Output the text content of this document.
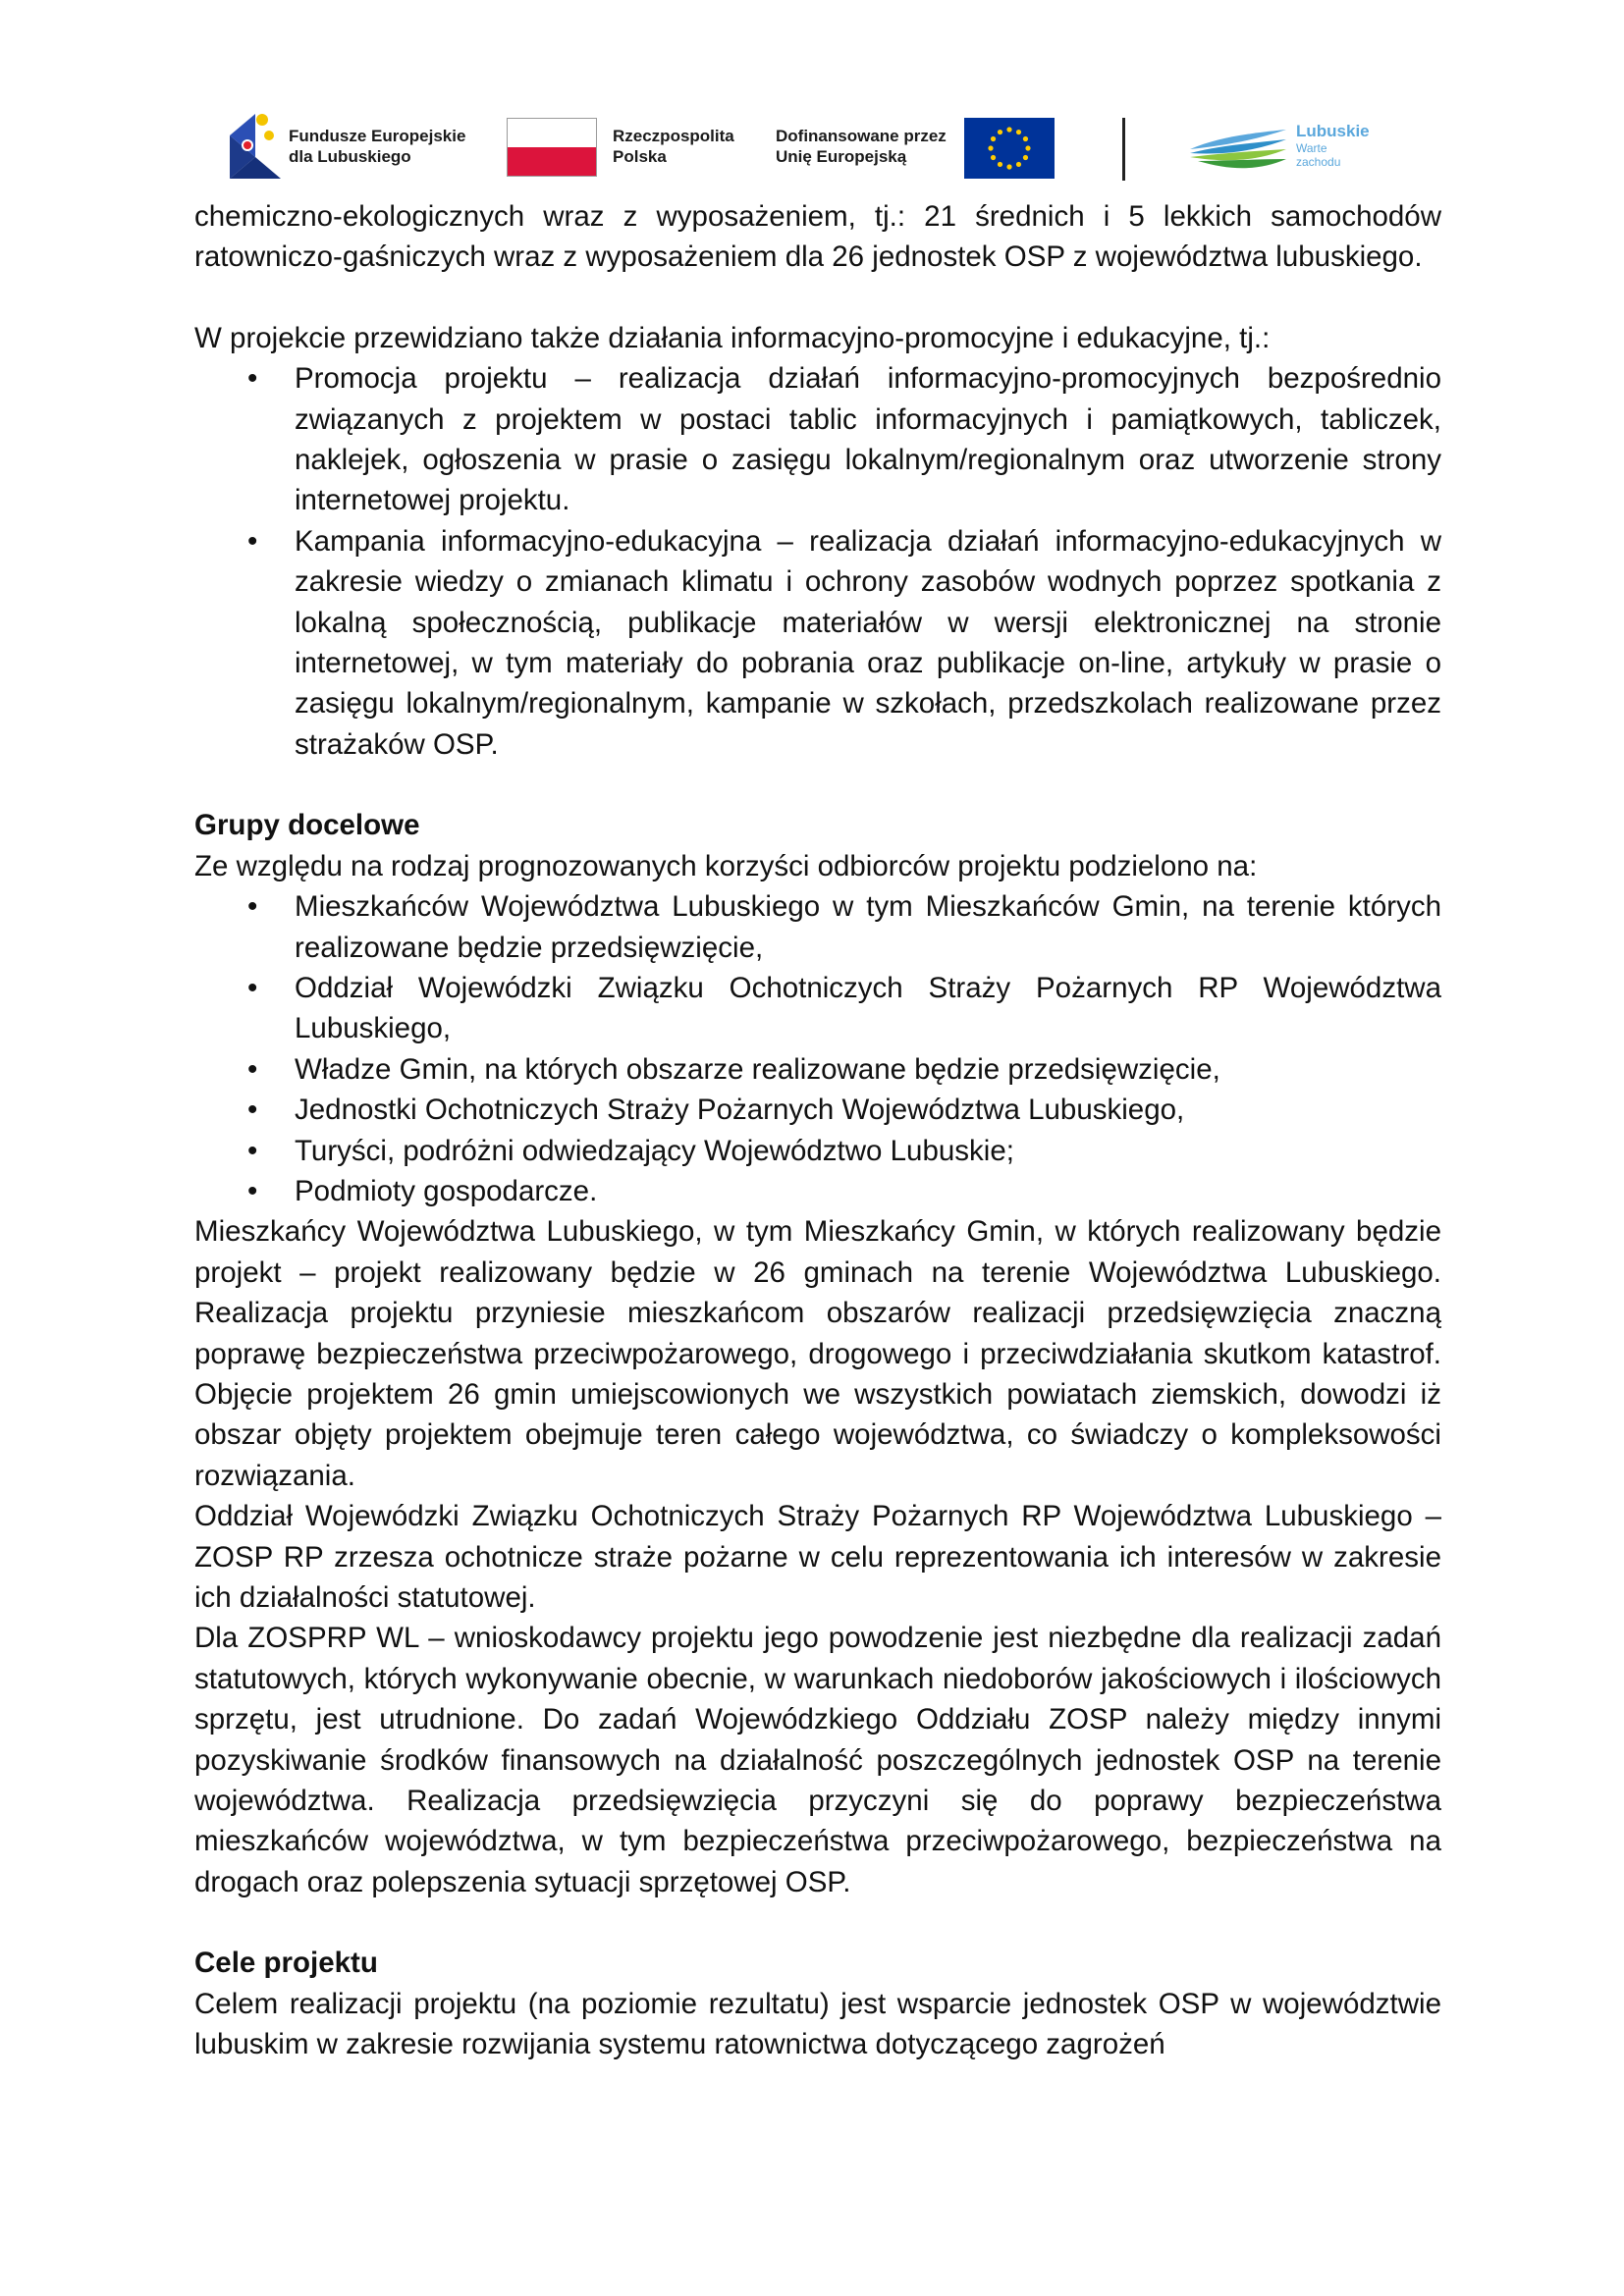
Fundusze Europejskie
dla Lubuskiego
Rzeczpospolita
Polska
Dofinansowane przez
Unię Europejską
Lubuskie
Warte zachodu

chemiczno-ekologicznych wraz z wyposażeniem, tj.: 21 średnich i 5 lekkich samochodów ratowniczo-gaśniczych wraz z wyposażeniem dla 26 jednostek OSP z województwa lubuskiego.

W projekcie przewidziano także działania informacyjno-promocyjne i edukacyjne, tj.:

• Promocja projektu – realizacja działań informacyjno-promocyjnych bezpośrednio związanych z projektem w postaci tablic informacyjnych i pamiątkowych, tabliczek, naklejek, ogłoszenia w prasie o zasięgu lokalnym/regionalnym oraz utworzenie strony internetowej projektu.
• Kampania informacyjno-edukacyjna – realizacja działań informacyjno-edukacyjnych w zakresie wiedzy o zmianach klimatu i ochrony zasobów wodnych poprzez spotkania z lokalną społecznością, publikacje materiałów w wersji elektronicznej na stronie internetowej, w tym materiały do pobrania oraz publikacje on-line, artykuły w prasie o zasięgu lokalnym/regionalnym, kampanie w szkołach, przedszkolach realizowane przez strażaków OSP.
Grupy docelowe

Ze względu na rodzaj prognozowanych korzyści odbiorców projektu podzielono na:

• Mieszkańców Województwa Lubuskiego w tym Mieszkańców Gmin, na terenie których realizowane będzie przedsięwzięcie,
• Oddział Wojewódzki Związku Ochotniczych Straży Pożarnych RP Województwa Lubuskiego,
• Władze Gmin, na których obszarze realizowane będzie przedsięwzięcie,
• Jednostki Ochotniczych Straży Pożarnych Województwa Lubuskiego,
• Turyści, podróżni odwiedzający Województwo Lubuskie;
• Podmioty gospodarcze.

Mieszkańcy Województwa Lubuskiego, w tym Mieszkańcy Gmin, w których realizowany będzie projekt – projekt realizowany będzie w 26 gminach na terenie Województwa Lubuskiego. Realizacja projektu przyniesie mieszkańcom obszarów realizacji przedsięwzięcia znaczną poprawę bezpieczeństwa przeciwpożarowego, drogowego i przeciwdziałania skutkom katastrof. Objęcie projektem 26 gmin umiejscowionych we wszystkich powiatach ziemskich, dowodzi iż obszar objęty projektem obejmuje teren całego województwa, co świadczy o kompleksowości rozwiązania.

Oddział Wojewódzki Związku Ochotniczych Straży Pożarnych RP Województwa Lubuskiego – ZOSP RP zrzesza ochotnicze straże pożarne w celu reprezentowania ich interesów w zakresie ich działalności statutowej.

Dla ZOSPRP WL – wnioskodawcy projektu jego powodzenie jest niezbędne dla realizacji zadań statutowych, których wykonywanie obecnie, w warunkach niedoborów jakościowych i ilościowych sprzętu, jest utrudnione. Do zadań Wojewódzkiego Oddziału ZOSP należy między innymi pozyskiwanie środków finansowych na działalność poszczególnych jednostek OSP na terenie województwa. Realizacja przedsięwzięcia przyczyni się do poprawy bezpieczeństwa mieszkańców województwa, w tym bezpieczeństwa przeciwpożarowego, bezpieczeństwa na drogach oraz polepszenia sytuacji sprzętowej OSP.

Cele projektu

Celem realizacji projektu (na poziomie rezultatu) jest wsparcie jednostek OSP w województwie lubuskim w zakresie rozwijania systemu ratownictwa dotyczącego zagrożeń
